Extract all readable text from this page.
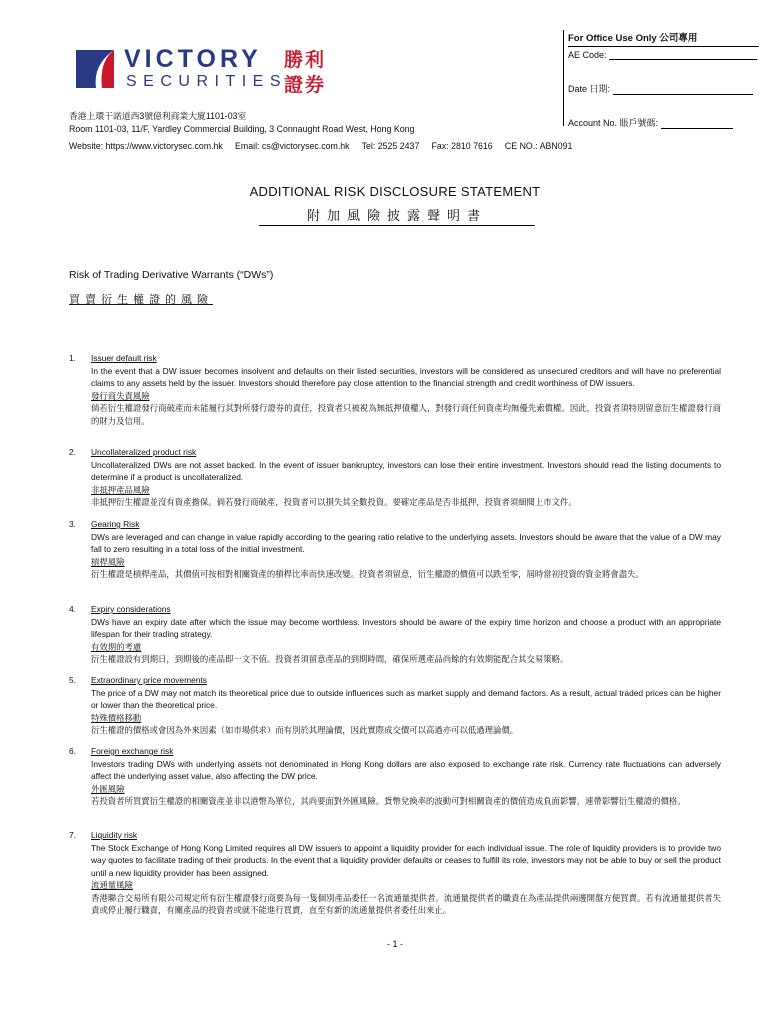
VICTORY
SECURITIES
勝利
證券
For Office Use Only 公司專用
AE Code:
Date 日期:
Account No. 賬戶號碼:
香港上環干諾道西3號億利商業大廈1101-03室
Room 1101-03, 11/F, Yardley Commercial Building, 3 Connaught Road West, Hong Kong
Website: https://www.victorysec.com.hk     Email: cs@victorysec.com.hk     Tel: 2525 2437     Fax: 2810 7616     CE NO.: ABN091
ADDITIONAL RISK DISCLOSURE STATEMENT
附加風險披露聲明書
Risk of Trading Derivative Warrants (“DWs”)
買賣衍生權證的風險
1. Issuer default risk
In the event that a DW issuer becomes insolvent and defaults on their listed securities, investors will be considered as unsecured creditors and will have no preferential claims to any assets held by the issuer. Investors should therefore pay close attention to the financial strength and credit worthiness of DW issuers.
發行商失責風險
倘若衍生權證發行商破產而未能履行其對所發行證券的責任，投資者只被視為無抵押債權人，對發行商任何資產均無優先索償權。因此，投資者須特別留意衍生權證發行商的財力及信用。
2. Uncollateralized product risk
Uncollateralized DWs are not asset backed. In the event of issuer bankruptcy, investors can lose their entire investment. Investors should read the listing documents to determine if a product is uncollateralized.
非抵押產品風險
非抵押衍生權證並沒有資產擔保。倘若發行商破產，投資者可以損失其全數投資。要確定產品是否非抵押，投資者須細閱上市文件。
3. Gearing Risk
DWs are leveraged and can change in value rapidly according to the gearing ratio relative to the underlying assets. Investors should be aware that the value of a DW may fall to zero resulting in a total loss of the initial investment.
槓桿風險
衍生權證是槓桿產品，其價值可按相對相關資產的槓桿比率而快速改變。投資者須留意，衍生權證的價值可以跌至零，屆時當初投資的資金將會盡失。
4. Expiry considerations
DWs have an expiry date after which the issue may become worthless. Investors should be aware of the expiry time horizon and choose a product with an appropriate lifespan for their trading strategy.
有效期的考慮
衍生權證設有到期日，到期後的產品即一文不值。投資者須留意產品的到期時間，確保所選產品尚餘的有效期能配合其交易策略。
5. Extraordinary price movements
The price of a DW may not match its theoretical price due to outside influences such as market supply and demand factors. As a result, actual traded prices can be higher or lower than the theoretical price.
特殊價格移動
衍生權證的價格或會因為外來因素（如市場供求）而有別於其理論價，因此實際成交價可以高過亦可以低過理論價。
6. Foreign exchange risk
Investors trading DWs with underlying assets not denominated in Hong Kong dollars are also exposed to exchange rate risk. Currency rate fluctuations can adversely affect the underlying asset value, also affecting the DW price.
外匯風險
若投資者所買賣衍生權證的相關資產並非以港幣為單位，其尚要面對外匯風險。貨幣兌換率的波動可對相關資產的價值造成負面影響，連帶影響衍生權證的價格。
7. Liquidity risk
The Stock Exchange of Hong Kong Limited requires all DW issuers to appoint a liquidity provider for each individual issue. The role of liquidity providers is to provide two way quotes to facilitate trading of their products. In the event that a liquidity provider defaults or ceases to fulfill its role, investors may not be able to buy or sell the product until a new liquidity provider has been assigned.
流通量風險
香港聯合交易所有限公司規定所有衍生權證發行商要為每一隻個別產品委任一名流通量提供者。流通量提供者的職責在為產品提供兩邊開盤方便買賣。若有流通量提供者失責或停止履行職責，有關產品的投資者或就不能進行買賣，直至有新的流通量提供者委任出來止。
- 1 -
